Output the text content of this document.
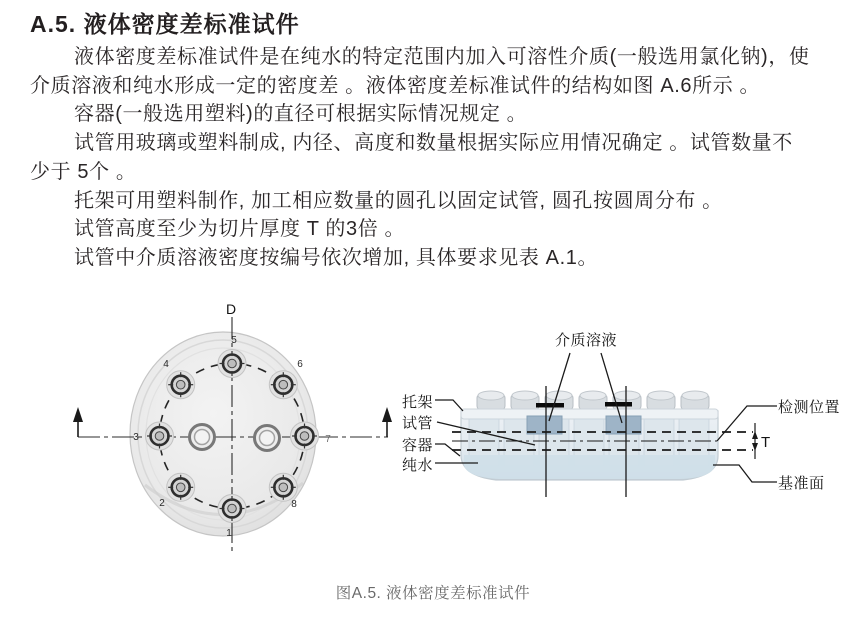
A.5. 液体密度差标准试件
液体密度差标准试件是在纯水的特定范围内加入可溶性介质(一般选用氯化钠)，使
介质溶液和纯水形成一定的密度差 。液体密度差标准试件的结构如图 A.6所示 。
容器(一般选用塑料)的直径可根据实际情况规定 。
试管用玻璃或塑料制成, 内径、高度和数量根据实际应用情况确定 。试管数量不
少于 5个 。
托架可用塑料制作, 加工相应数量的圆孔以固定试管, 圆孔按圆周分布 。
试管高度至少为切片厚度 T 的3倍 。
试管中介质溶液密度按编号依次增加, 具体要求见表 A.1。
D
1
2
3
4
5
6
7
8
T
介质溶液
托架
试管
容器
纯水
检测位置
基准面
图A.5. 液体密度差标准试件
